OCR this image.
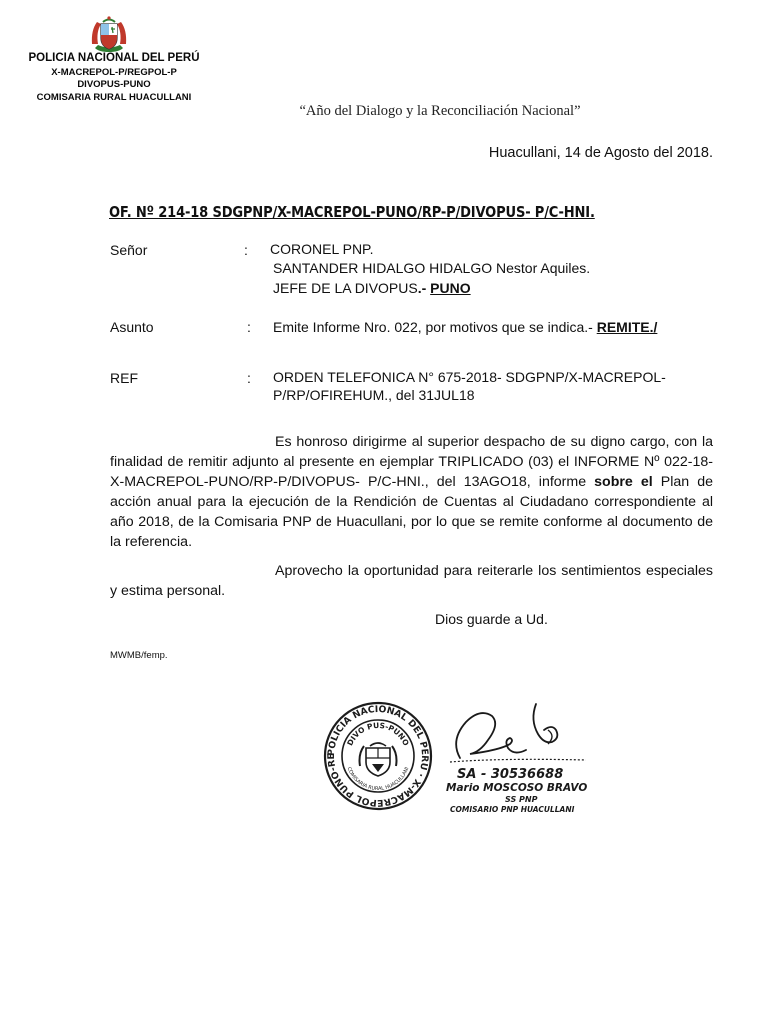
POLICIA NACIONAL DEL PERÚ
X-MACREPOL-P/REGPOL-P
DIVOPUS-PUNO
COMISARIA RURAL HUACULLANI
“Año del Dialogo y la Reconciliación Nacional”
Huacullani, 14 de Agosto del 2018.
OF. Nº 214-18 SDGPNP/X-MACREPOL-PUNO/RP-P/DIVOPUS- P/C-HNI.
Señor	: CORONEL PNP.
SANTANDER HIDALGO HIDALGO Nestor Aquiles.
JEFE DE LA DIVOPUS.- PUNO
Asunto	: Emite Informe Nro. 022, por motivos que se indica.- REMITE./
REF	: ORDEN TELEFONICA N° 675-2018- SDGPNP/X-MACREPOL-
P/RP/OFIREHUM., del 31JUL18
Es honroso dirigirme al superior despacho de su digno cargo, con la finalidad de remitir adjunto al presente en ejemplar TRIPLICADO (03) el INFORME Nº 022-18-X-MACREPOL-PUNO/RP-P/DIVOPUS- P/C-HNI., del 13AGO18, informe sobre el Plan de acción anual para la ejecución de la Rendición de Cuentas al Ciudadano correspondiente al año 2018, de la Comisaria PNP de Huacullani, por lo que se remite conforme al documento de la referencia.
Aprovecho la oportunidad para reiterarle los sentimientos especiales y estima personal.
Dios guarde a Ud.
MWMB/femp.
POLICIA NACIONAL DEL PERU · X-MACREPOL PUNO-RE
DIVO PUS-PUNO
COMISARIA RURAL HUACULLANI	SA - 30536688
Mario MOSCOSO BRAVO
SS PNP
COMISARIO PNP HUACULLANI
